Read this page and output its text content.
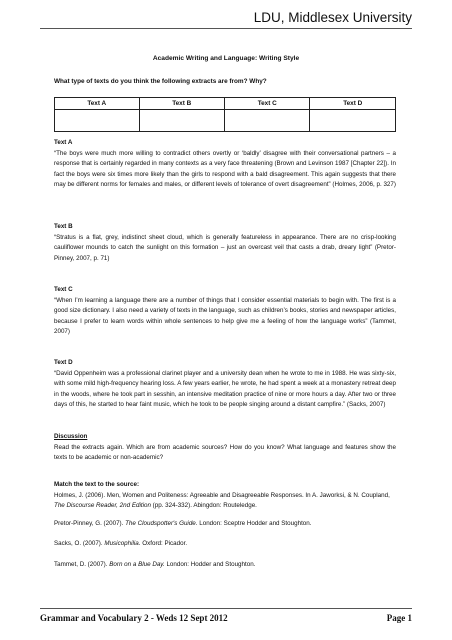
LDU, Middlesex University
Academic Writing and Language: Writing Style
What type of texts do you think the following extracts are from? Why?
Text A	Text B	Text C	Text D

Text A

“The boys were much more willing to contradict others overtly or ‘baldly’ disagree with their conversational partners – a response that is certainly regarded in many contexts as a very face threatening (Brown and Levinson 1987 [Chapter 22]). In fact the boys were six times more likely than the girls to respond with a bald disagreement. This again suggests that there may be different norms for females and males, or different levels of tolerance of overt disagreement” (Holmes, 2006, p. 327)

Text B

“Stratus is a flat, grey, indistinct sheet cloud, which is generally featureless in appearance. There are no crisp-looking cauliflower mounds to catch the sunlight on this formation – just an overcast veil that casts a drab, dreary light” (Pretor-Pinney, 2007, p. 71)

Text C

“When I’m learning a language there are a number of things that I consider essential materials to begin with. The first is a good size dictionary. I also need a variety of texts in the language, such as children’s books, stories and newspaper articles, because I prefer to learn words within whole sentences to help give me a feeling of how the language works” (Tammet, 2007)

Text D

“David Oppenheim was a professional clarinet player and a university dean when he wrote to me in 1988. He was sixty-six, with some mild high-frequency hearing loss. A few years earlier, he wrote, he had spent a week at a monastery retreat deep in the woods, where he took part in sesshin, an intensive meditation practice of nine or more hours a day. After two or three days of this, he started to hear faint music, which he took to be people singing around a distant campfire.” (Sacks, 2007)

Discussion

Read the extracts again. Which are from academic sources? How do you know? What language and features show the texts to be academic or non-academic?

Match the text to the source:
Holmes, J. (2006). Men, Women and Politeness: Agreeable and Disagreeable Responses. In A. Jaworksi, & N. Coupland, The Discourse Reader, 2nd Edition (pp. 324-332). Abingdon: Routeledge.
Pretor-Pinney, G. (2007). The Cloudspotter's Guide. London: Sceptre Hodder and Stoughton.
Sacks, O. (2007). Musicophilia. Oxford: Picador.
Tammet, D. (2007). Born on a Blue Day. London: Hodder and Stoughton.
Grammar and Vocabulary 2 - Weds 12 Sept 2012	Page 1
